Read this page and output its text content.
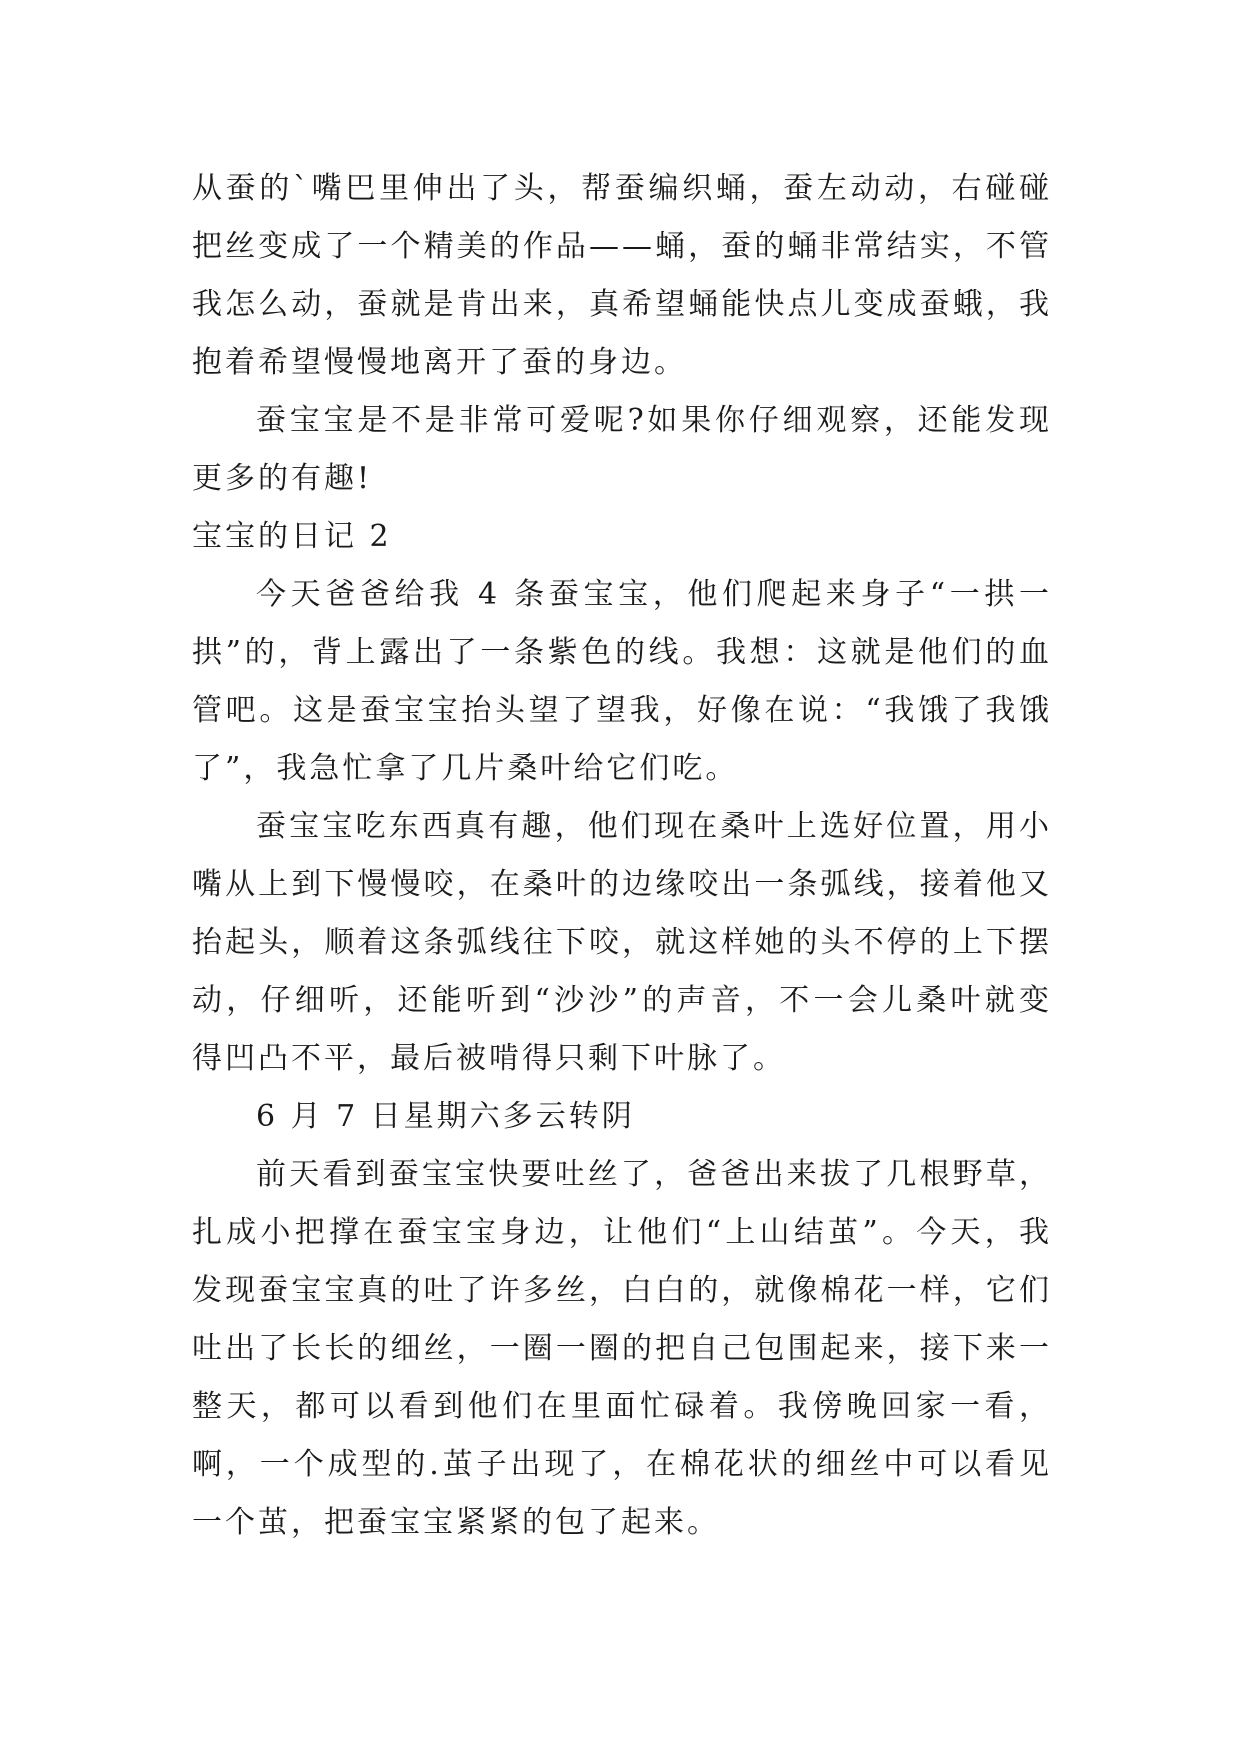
从蚕的`嘴巴里伸出了头，帮蚕编织蛹，蚕左动动，右碰碰把丝变成了一个精美的作品——蛹，蚕的蛹非常结实，不管我怎么动，蚕就是肯出来，真希望蛹能快点儿变成蚕蛾，我抱着希望慢慢地离开了蚕的身边。

蚕宝宝是不是非常可爱呢?如果你仔细观察，还能发现更多的有趣!

宝宝的日记 2

今天爸爸给我 4 条蚕宝宝，他们爬起来身子“一拱一拱”的，背上露出了一条紫色的线。我想：这就是他们的血管吧。这是蚕宝宝抬头望了望我，好像在说：“我饿了我饿了”，我急忙拿了几片桑叶给它们吃。

蚕宝宝吃东西真有趣，他们现在桑叶上选好位置，用小嘴从上到下慢慢咬，在桑叶的边缘咬出一条弧线，接着他又抬起头，顺着这条弧线往下咬，就这样她的头不停的上下摆动，仔细听，还能听到“沙沙”的声音，不一会儿桑叶就变得凹凸不平，最后被啃得只剩下叶脉了。

6 月 7 日星期六多云转阴

前天看到蚕宝宝快要吐丝了，爸爸出来拔了几根野草，扎成小把撑在蚕宝宝身边，让他们“上山结茧”。今天，我发现蚕宝宝真的吐了许多丝，白白的，就像棉花一样，它们吐出了长长的细丝，一圈一圈的把自己包围起来，接下来一整天，都可以看到他们在里面忙碌着。我傍晚回家一看，啊，一个成型的.茧子出现了，在棉花状的细丝中可以看见一个茧，把蚕宝宝紧紧的包了起来。
